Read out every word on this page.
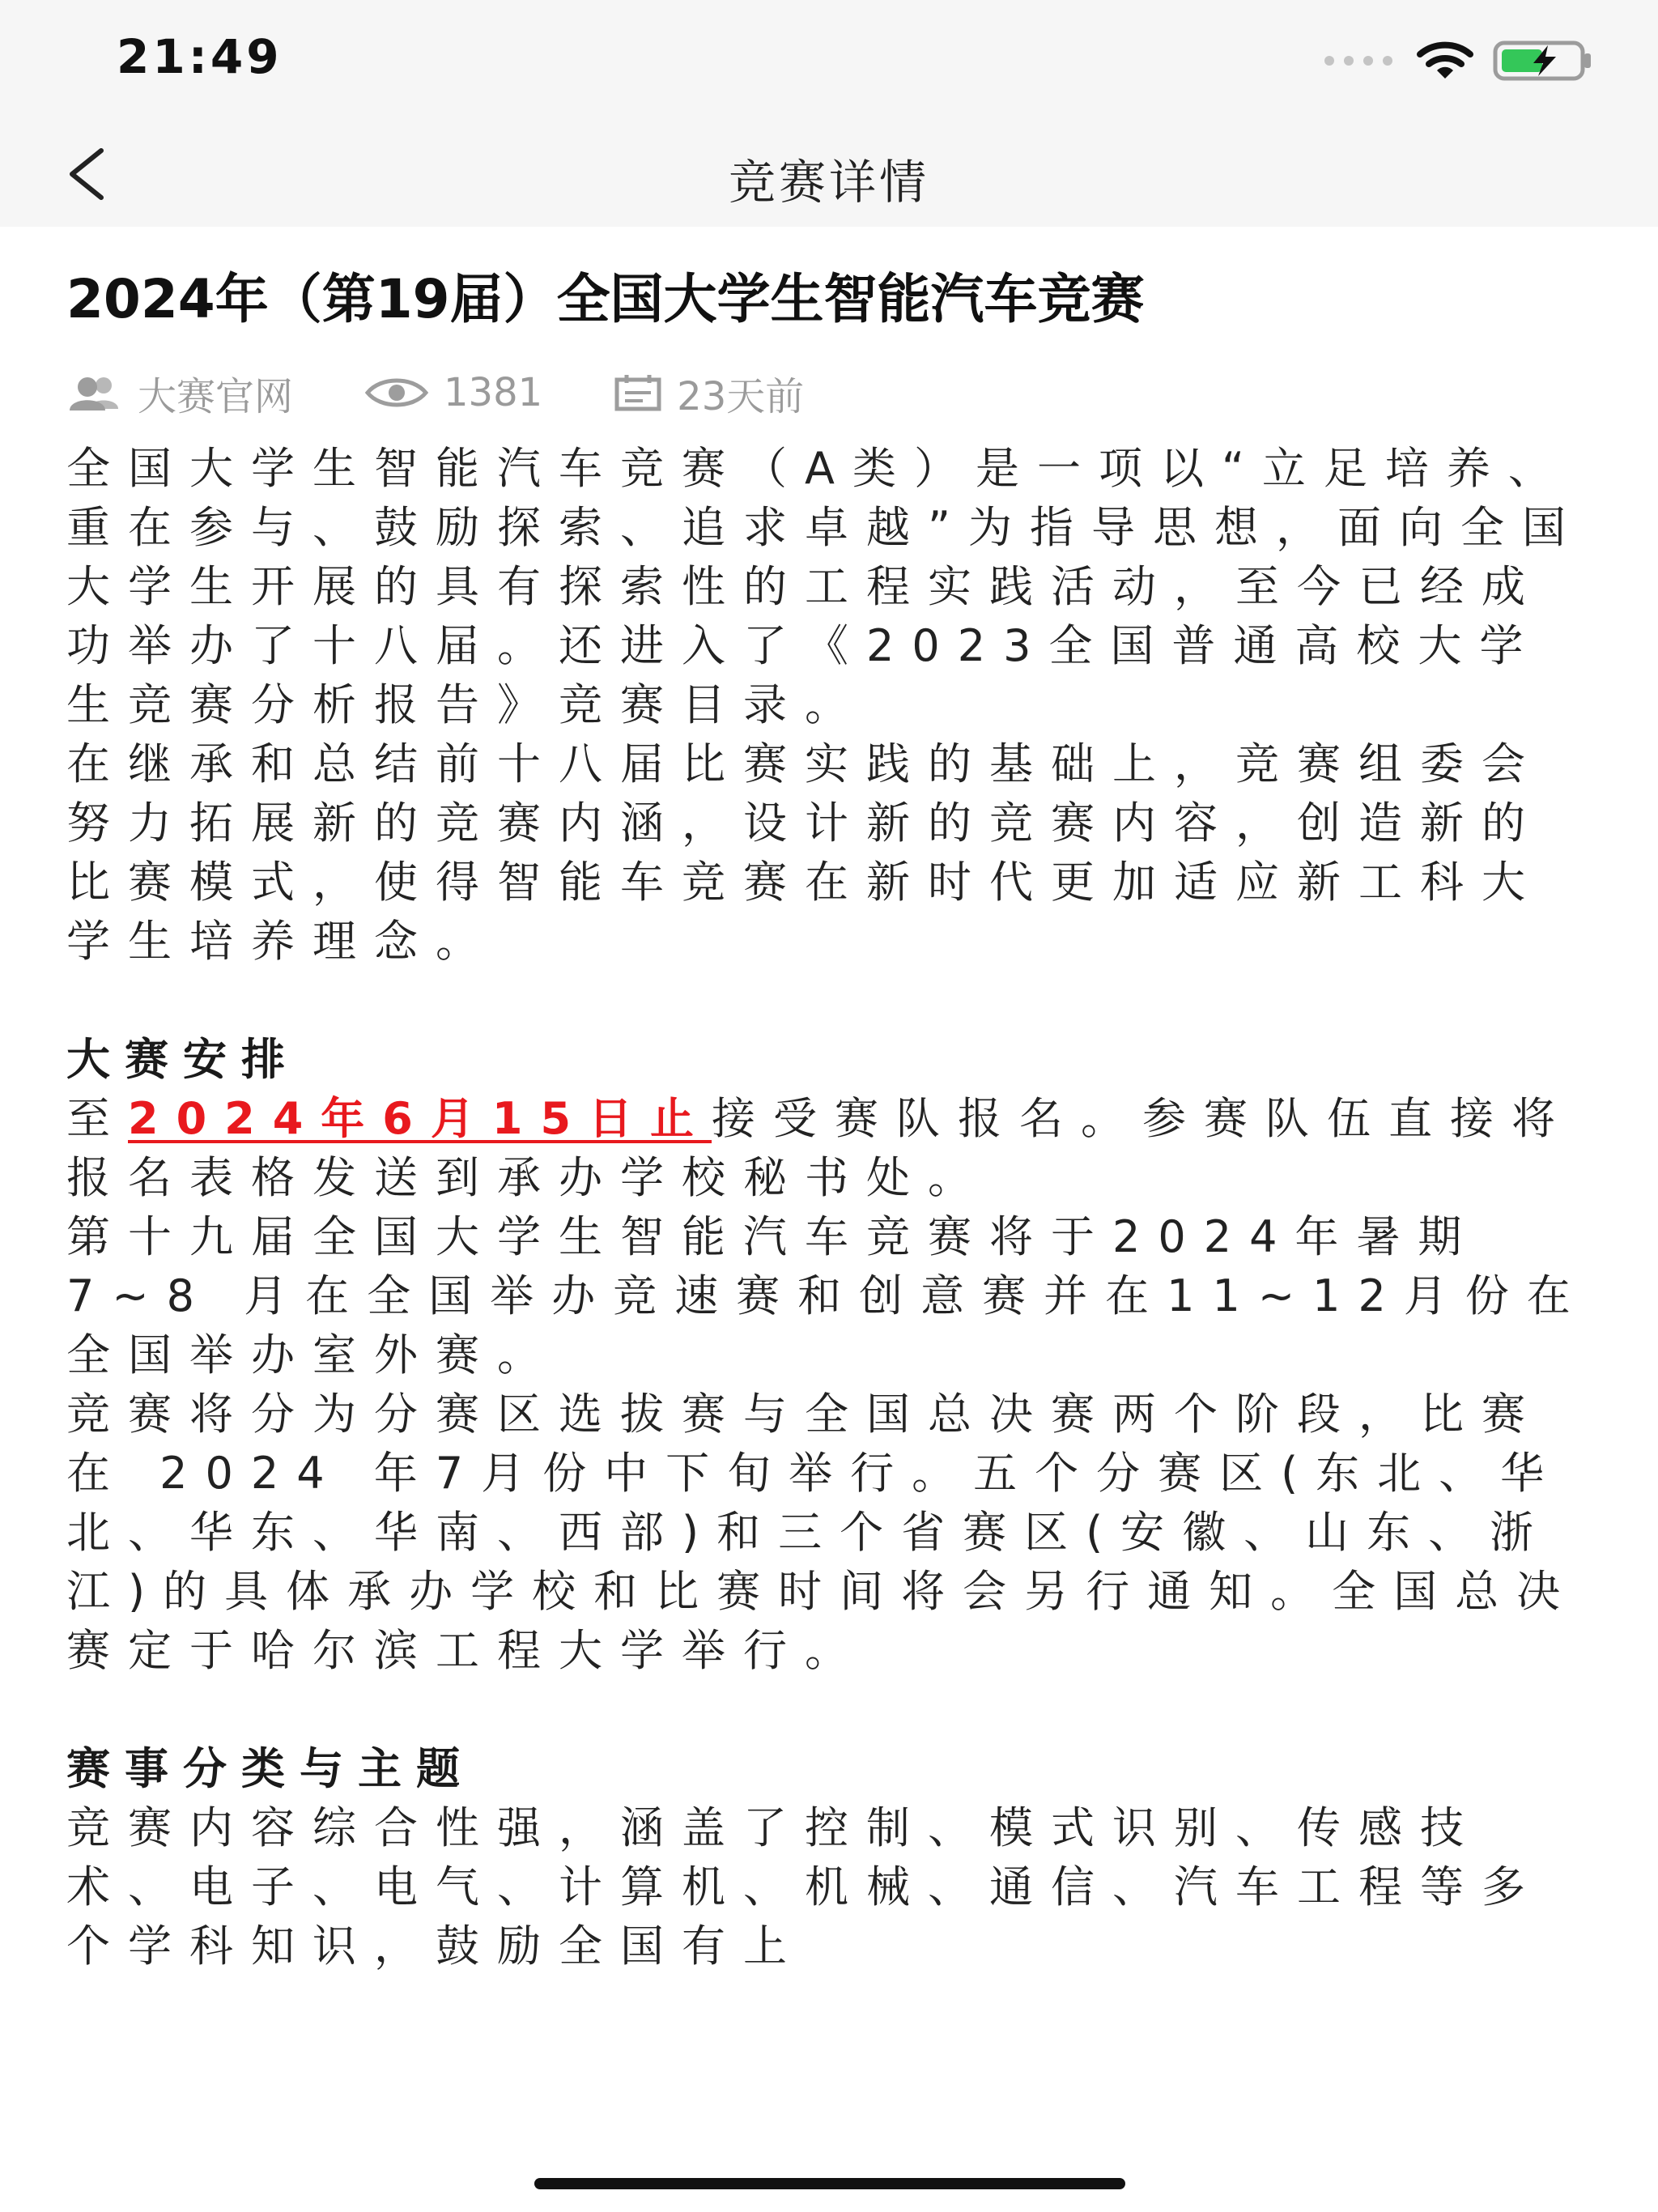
21:49
竞赛详情
2024年（第19届）全国大学生智能汽车竞赛
大赛官网	1381	23天前

全国大学生智能汽车竞赛（A类）是一项以“立足培养、重在参与、鼓励探索、追求卓越”为指导思想，面向全国大学生开展的具有探索性的工程实践活动，至今已经成功举办了十八届。还进入了《2023全国普通高校大学生竞赛分析报告》竞赛目录。

在继承和总结前十八届比赛实践的基础上，竞赛组委会努力拓展新的竞赛内涵，设计新的竞赛内容，创造新的比赛模式，使得智能车竞赛在新时代更加适应新工科大学生培养理念。

大赛安排

至2024年6月15日止接受赛队报名。参赛队伍直接将报名表格发送到承办学校秘书处。

第十九届全国大学生智能汽车竞赛将于2024年暑期7~8 月在全国举办竞速赛和创意赛并在11~12月份在全国举办室外赛。

竞赛将分为分赛区选拔赛与全国总决赛两个阶段，比赛在 2024 年7月份中下旬举行。五个分赛区(东北、华北、华东、华南、西部)和三个省赛区(安徽、山东、浙江)的具体承办学校和比赛时间将会另行通知。全国总决赛定于哈尔滨工程大学举行。

赛事分类与主题

竞赛内容综合性强，涵盖了控制、模式识别、传感技术、电子、电气、计算机、机械、通信、汽车工程等多个学科知识，鼓励全国有上
